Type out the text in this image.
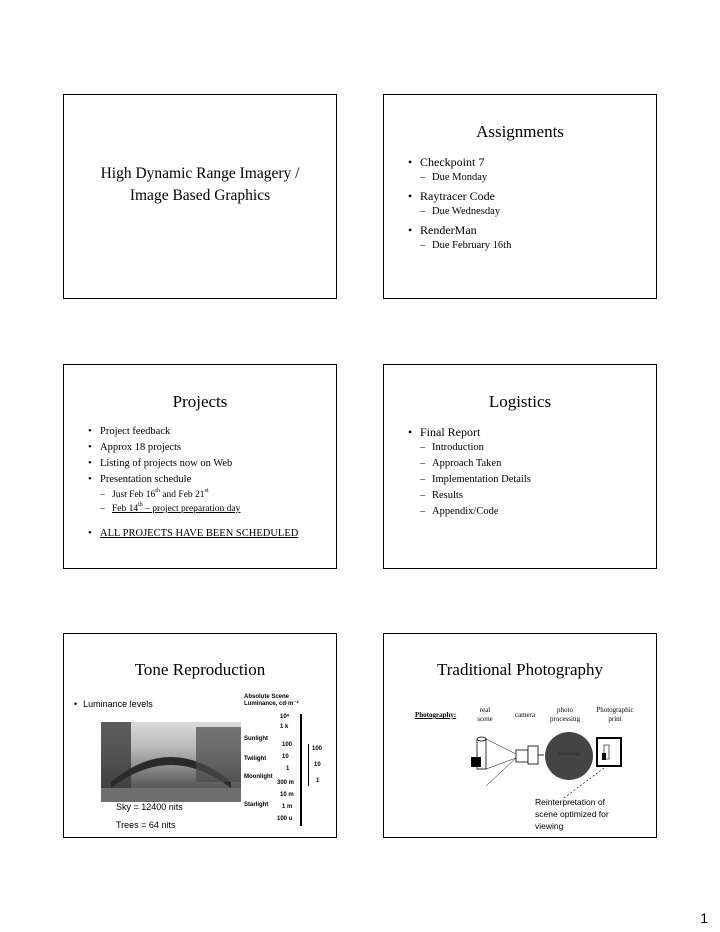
High Dynamic Range Imagery /
Image Based Graphics
Assignments
• Checkpoint 7
– Due Monday
• Raytracer Code
– Due Wednesday
• RenderMan
– Due February 16th
Projects
• Project feedback
• Approx 18 projects
• Listing of projects now on Web
• Presentation schedule
– Just Feb 16th and Feb 21st
– Feb 14th – project preparation day
• ALL PROJECTS HAVE BEEN SCHEDULED
Logistics
• Final Report
– Introduction
– Approach Taken
– Implementation Details
– Results
– Appendix/Code
Tone Reproduction
• Luminance levels
Absolute Scene
Luminance, cd·m⁻²
10⁸
1 k
Sunlight
100
Twilight	10
1
Moonlight
300 m
10 m
Starlight 1 m
100 u
100
10
1
Sky = 12400 nits
Trees = 64 nits
Traditional Photography
Photography:
real
scene	camera
photo
processing
Photographic
print
processing
Reinterpretation of
scene optimized for
viewing
1
